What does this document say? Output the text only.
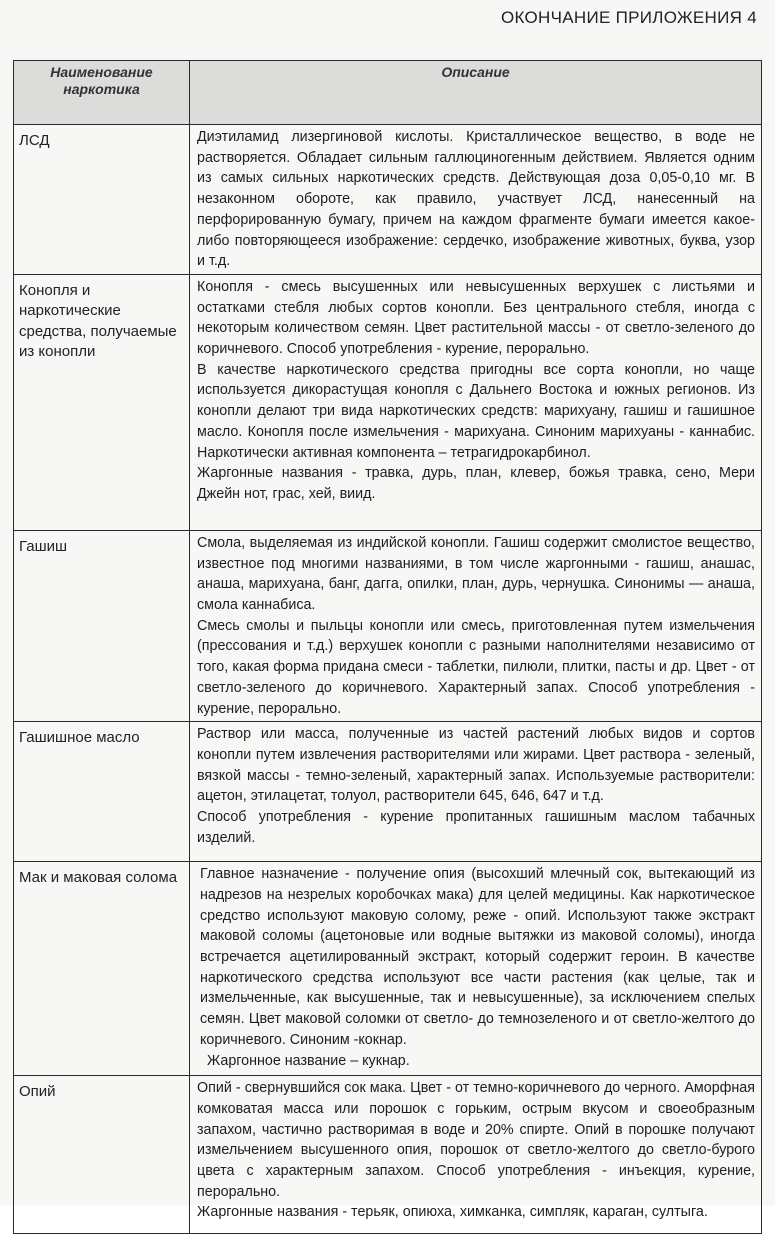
ОКОНЧАНИЕ ПРИЛОЖЕНИЯ 4
Наименование наркотика	Описание
ЛСД	Диэтиламид лизергиновой кислоты. Кристаллическое вещество, в воде не растворяется. Обладает сильным галлюциногенным действием. Является одним из самых сильных наркотических средств. Действующая доза 0,05-0,10 мг. В незаконном обороте, как правило, участвует ЛСД, нанесенный на перфорированную бумагу, причем на каждом фрагменте бумаги имеется какое-либо повторяющееся изображение: сердечко, изображение животных, буква, узор и т.д.

Конопля и наркотические средства, получаемые из конопли	Конопля - смесь высушенных или невысушенных верхушек с листьями и остатками стебля любых сортов конопли. Без центрального стебля, иногда с некоторым количеством семян. Цвет растительной массы - от светло-зеленого до коричневого. Способ употребления - курение, перорально.

В качестве наркотического средства пригодны все сорта конопли, но чаще используется дикорастущая конопля с Дальнего Востока и южных регионов. Из конопли делают три вида наркотических средств: марихуану, гашиш и гашишное масло. Конопля после измельчения - марихуана. Синоним марихуаны - каннабис. Наркотически активная компонента – тетрагидрокарбинол.

Жаргонные названия - травка, дурь, план, клевер, божья травка, сено, Мери Джейн нот, грас, хей, виид.

Гашиш	Смола, выделяемая из индийской конопли. Гашиш содержит смолистое вещество, известное под многими названиями, в том числе жаргонными - гашиш, анашас, анаша, марихуана, банг, дагга, опилки, план, дурь, чернушка. Синонимы — анаша, смола каннабиса.

Смесь смолы и пыльцы конопли или смесь, приготовленная путем измельчения (прессования и т.д.) верхушек конопли с разными наполнителями независимо от того, какая форма придана смеси - таблетки, пилюли, плитки, пасты и др. Цвет - от светло-зеленого до коричневого. Характерный запах. Способ употребления - курение, перорально.

Гашишное масло	Раствор или масса, полученные из частей растений любых видов и сортов конопли путем извлечения растворителями или жирами. Цвет раствора - зеленый, вязкой массы - темно-зеленый, характерный запах. Используемые растворители: ацетон, этилацетат, толуол, растворители 645, 646, 647 и т.д.

Способ употребления - курение пропитанных гашишным маслом табачных изделий.

Мак и маковая солома	Главное назначение - получение опия (высохший млечный сок, вытекающий из надрезов на незрелых коробочках мака) для целей медицины. Как наркотическое средство используют маковую солому, реже - опий. Используют также экстракт маковой соломы (ацетоновые или водные вытяжки из маковой соломы), иногда встречается ацетилированный экстракт, который содержит героин. В качестве наркотического средства используют все части растения (как целые, так и измельченные, как высушенные, так и невысушенные), за исключением спелых семян. Цвет маковой соломки от светло- до темнозеленого и от светло-желтого до коричневого. Синоним -кокнар.

Жаргонное название – кукнар.

Опий	Опий - свернувшийся сок мака. Цвет - от темно-коричневого до черного. Аморфная комковатая масса или порошок с горьким, острым вкусом и своеобразным запахом, частично растворимая в воде и 20% спирте. Опий в порошке получают измельчением высушенного опия, порошок от светло-желтого до светло-бурого цвета с характерным запахом. Способ употребления - инъекция, курение, перорально.

Жаргонные названия - терьяк, опиюха, химканка, симпляк, караган, султыга.
